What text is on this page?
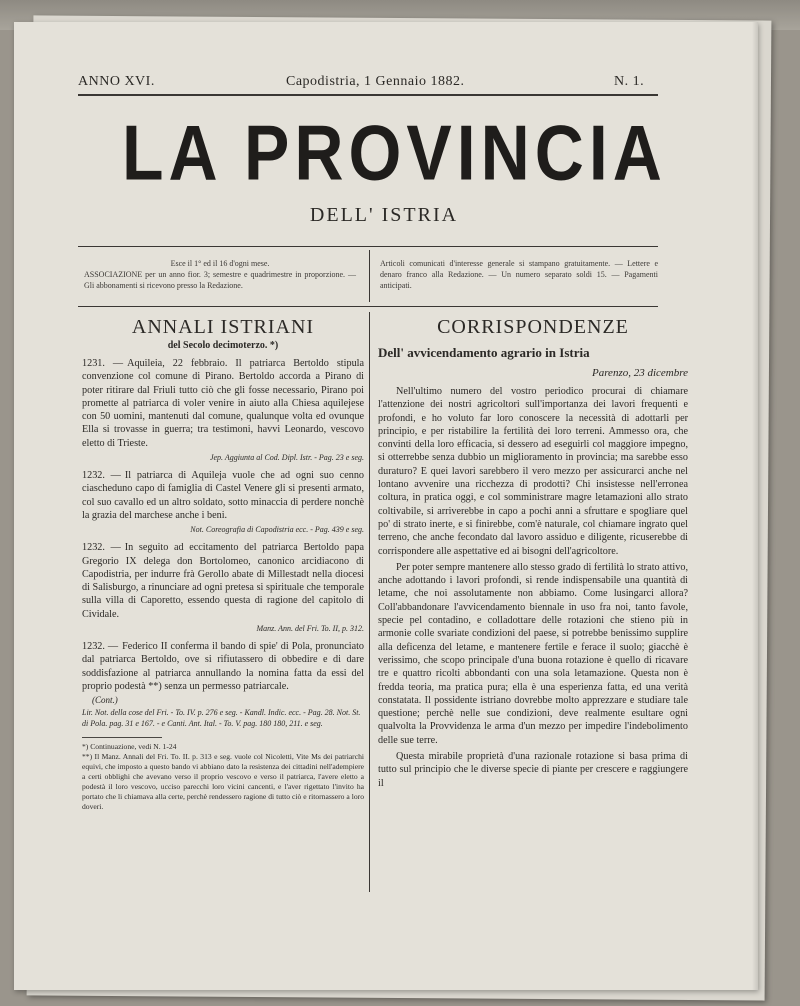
ANNO XVI.	Capodistria, 1 Gennaio 1882.	N. 1.
LA PROVINCIA
DELL' ISTRIA
Esce il 1° ed il 16 d'ogni mese.
ASSOCIAZIONE per un anno fior. 3; semestre e quadrimestre in proporzione. — Gli abbonamenti si ricevono presso la Redazione.
Articoli comunicati d'interesse generale si stampano gratuitamente. — Lettere e denaro franco alla Redazione. — Un numero separato soldi 15. — Pagamenti anticipati.
ANNALI ISTRIANI
del Secolo decimoterzo. *)

1231. — Aquileia, 22 febbraio. Il patriarca Bertoldo stipula convenzione col comune di Pirano. Bertoldo accorda a Pirano di poter ritirare dal Friuli tutto ciò che gli fosse necessario, Pirano poi promette al patriarca di voler venire in aiuto alla Chiesa aquilejese con 50 uomini, mantenuti dal comune, qualunque volta ed ovunque Ella si trovasse in guerra; tra testimoni, havvi Leonardo, vescovo eletto di Trieste.

Jep. Aggiunta al Cod. Dipl. Istr. - Pag. 23 e seg.

1232. — Il patriarca di Aquileja vuole che ad ogni suo cenno ciascheduno capo di famiglia di Castel Venere gli si presenti armato, col suo cavallo ed un altro soldato, sotto minaccia di perdere nonchè la grazia del marchese anche i beni.

Not. Coreografia di Capodistria ecc. - Pag. 439 e seg.

1232. — In seguito ad eccitamento del patriarca Bertoldo papa Gregorio IX delega don Bortolomeo, canonico arcidiacono di Capodistria, per indurre frà Gerollo abate di Millestadt nella diocesi di Salisburgo, a rinunciare ad ogni pretesa si spirituale che temporale sulla villa di Caporetto, essendo questa di ragione del capitolo di Cividale.

Manz. Ann. del Fri. To. II, p. 312.

1232. — Federico II conferma il bando di spie' di Pola, pronunciato dal patriarca Bertoldo, ove si rifiutassero di obbedire e di dare soddisfazione al patriarca annullando la nomina fatta da essi del proprio podestà **) senza un permesso patriarcale.

(Cont.)
Lir. Not. della cose del Fri. - To. IV. p. 276 e seg. - Kandl. Indic. ecc. - Pag. 28. Not. St. di Pola. pag. 31 e 167. - e Canti. Ant. Ital. - To. V. pag. 180 180, 211. e seg.

*) Continuazione, vedi N. 1-24

**) Il Manz. Annali del Fri. To. II. p. 313 e seg. vuole col Nicoletti, Vite Ms dei patriarchi equivi, che imposto a questo bando vi abbiano dato la resistenza dei cittadini nell'adempiere a certi obblighi che avevano verso il proprio vescovo e verso il patriarca, l'avere eletto a podestà il loro vescovo, ucciso parecchi loro vicini cancenti, e l'aver rigettato l'invito ha portato che li chiamava alla certe, perchè rendessero ragione di tutto ciò e ritornassero a loro doveri.

CORRISPONDENZE
Dell' avvicendamento agrario in Istria
Parenzo, 23 dicembre

Nell'ultimo numero del vostro periodico procurai di chiamare l'attenzione dei nostri agricoltori sull'importanza dei lavori frequenti e profondi, e ho voluto far loro conoscere la necessità di adottarli per principio, e per ristabilire la fertilità dei loro terreni. Ammesso ora, che convinti della loro efficacia, si dessero ad eseguirli col maggiore impegno, si otterrebbe senza dubbio un miglioramento in provincia; ma sarebbe esso duraturo? E quei lavori sarebbero il vero mezzo per assicurarci anche nel lontano avvenire una ricchezza di prodotti? Chi insistesse nell'erronea coltura, in pratica oggi, e col somministrare magre letamazioni allo strato coltivabile, si arriverebbe in capo a pochi anni a sfruttare e spogliare quel po' di strato inerte, e si finirebbe, com'è naturale, col chiamare ingrato quel terreno, che anche fecondato dal lavoro assiduo e diligente, ricuserebbe di corrispondere alle aspettative ed ai bisogni dell'agricoltore.

Per poter sempre mantenere allo stesso grado di fertilità lo strato attivo, anche adottando i lavori profondi, si rende indispensabile una quantità di letame, che noi assolutamente non abbiamo. Come lusingarci allora? Coll'abbandonare l'avvicendamento biennale in uso fra noi, tanto favole, specie pel contadino, e colladottare delle rotazioni che stieno più in armonie colle svariate condizioni del paese, si potrebbe benissimo supplire alla deficenza del letame, e mantenere fertile e ferace il suolo; giacchè è verissimo, che scopo principale d'una buona rotazione è quello di ricavare tre e quattro ricolti abbondanti con una sola letamazione. Questa non è fredda teoria, ma pratica pura; ella è una esperienza fatta, ed una verità constatata. Il possidente istriano dovrebbe molto apprezzare e studiare tale questione; perchè nelle sue condizioni, deve realmente esultare ogni qualvolta la Provvidenza le arma d'un mezzo per impedire l'indebolimento delle sue terre.

Questa mirabile proprietà d'una razionale rotazione si basa prima di tutto sul principio che le diverse specie di piante per crescere e raggiungere il
